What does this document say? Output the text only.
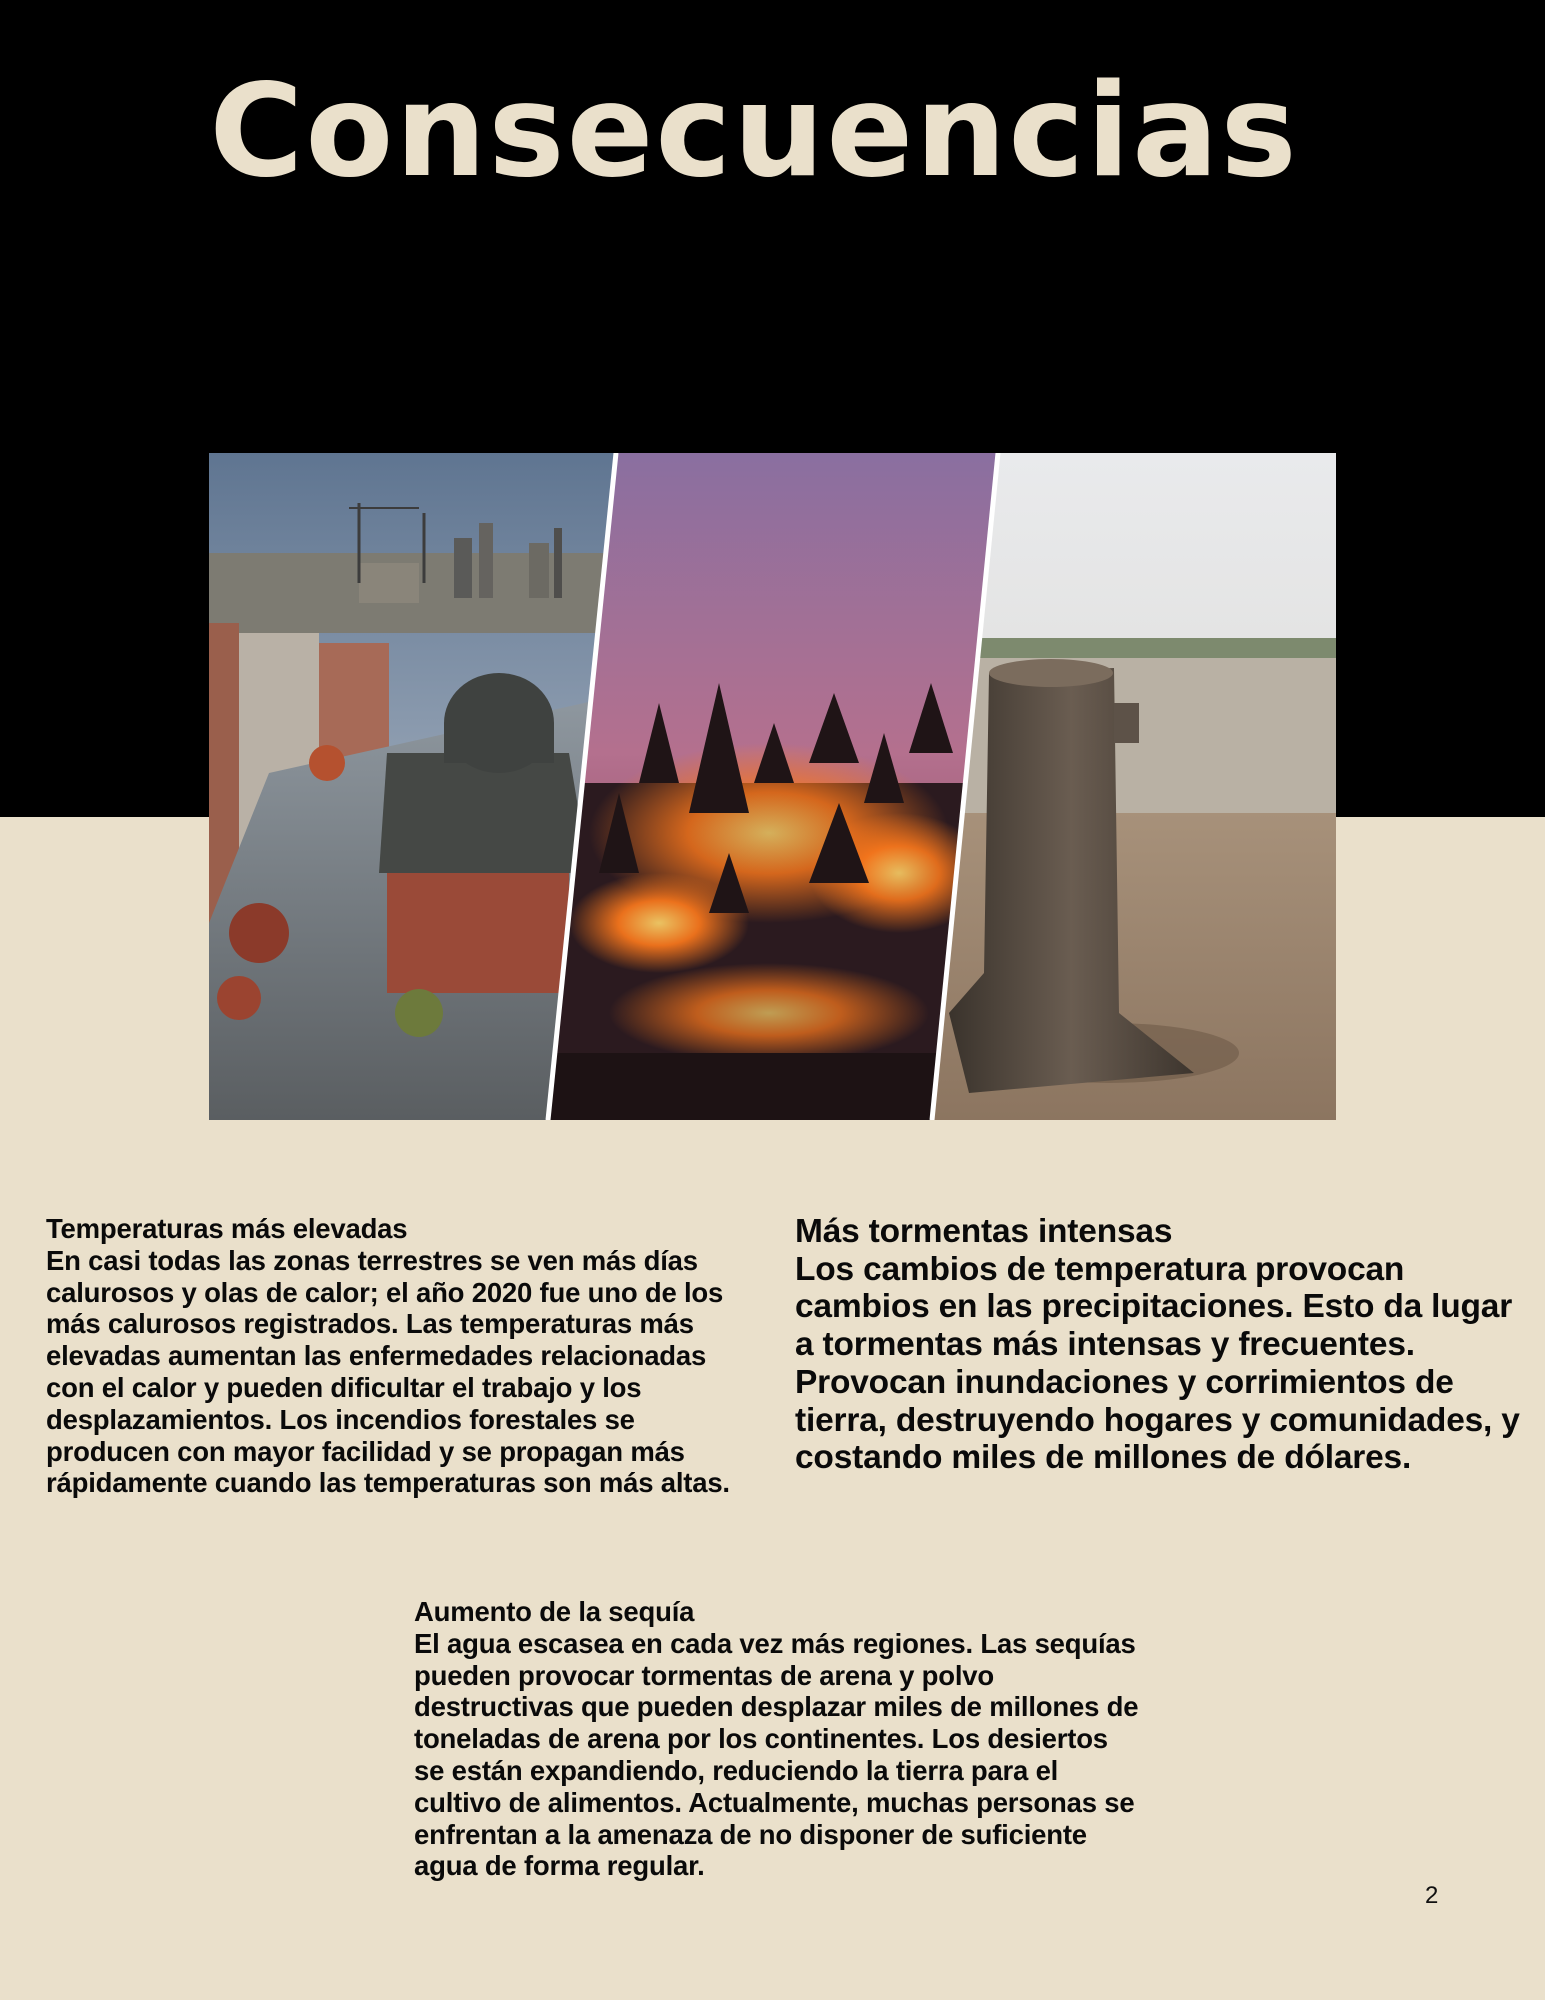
Consecuencias

Temperaturas más elevadas

En casi todas las zonas terrestres se ven más días calurosos y olas de calor; el año 2020 fue uno de los más calurosos registrados. Las temperaturas más elevadas aumentan las enfermedades relacionadas con el calor y pueden dificultar el trabajo y los desplazamientos. Los incendios forestales se producen con mayor facilidad y se propagan más rápidamente cuando las temperaturas son más altas.

Más tormentas intensas

Los cambios de temperatura provocan cambios en las precipitaciones. Esto da lugar a tormentas más intensas y frecuentes. Provocan inundaciones y corrimientos de tierra, destruyendo hogares y comunidades, y costando miles de millones de dólares.

Aumento de la sequía

El agua escasea en cada vez más regiones. Las sequías pueden provocar tormentas de arena y polvo destructivas que pueden desplazar miles de millones de toneladas de arena por los continentes. Los desiertos se están expandiendo, reduciendo la tierra para el cultivo de alimentos. Actualmente, muchas personas se enfrentan a la amenaza de no disponer de suficiente agua de forma regular.

2
